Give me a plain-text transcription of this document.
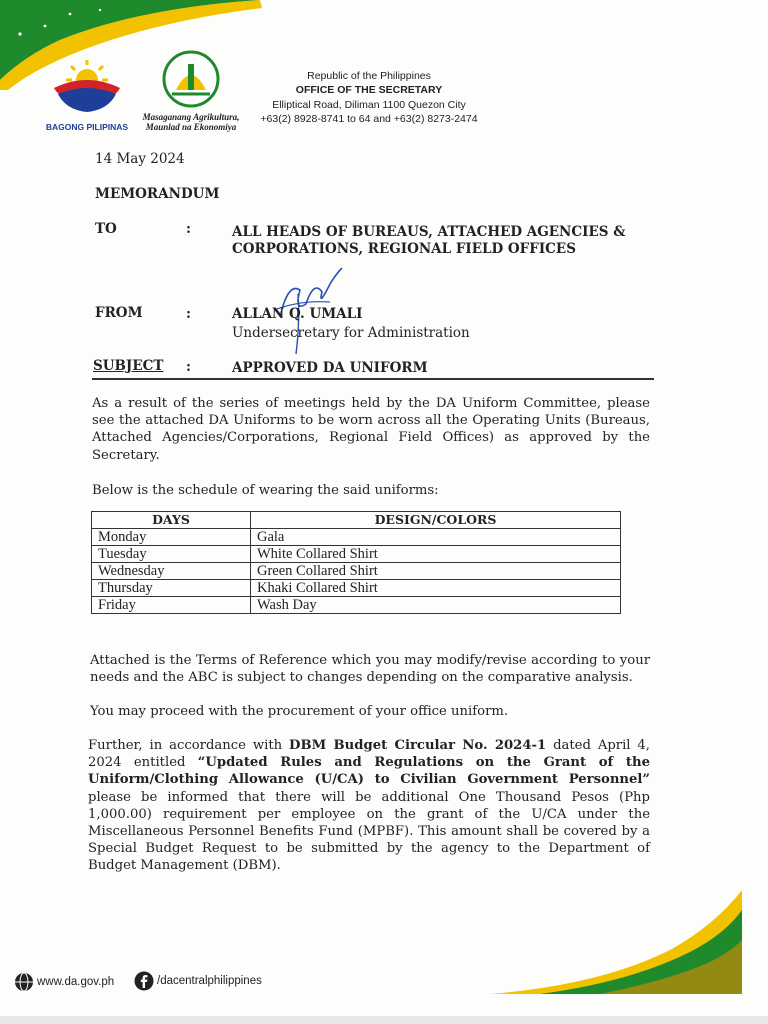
BAGONG PILIPINAS
Masaganang Agrikultura,
Maunlad na Ekonomiya
Republic of the Philippines
OFFICE OF THE SECRETARY
Elliptical Road, Diliman 1100 Quezon City
+63(2) 8928-8741 to 64 and +63(2) 8273-2474
14 May 2024
MEMORANDUM
TO	:	ALL HEADS OF BUREAUS, ATTACHED AGENCIES &
CORPORATIONS, REGIONAL FIELD OFFICES
FROM	:	ALLAN Q. UMALI
Undersecretary for Administration
SUBJECT :	APPROVED DA UNIFORM
As a result of the series of meetings held by the DA Uniform Committee, please see the attached DA Uniforms to be worn across all the Operating Units (Bureaus, Attached Agencies/Corporations, Regional Field Offices) as approved by the Secretary.
Below is the schedule of wearing the said uniforms:
DAYS	DESIGN/COLORS
Monday	Gala
Tuesday	White Collared Shirt
Wednesday	Green Collared Shirt
Thursday	Khaki Collared Shirt
Friday	Wash Day
Attached is the Terms of Reference which you may modify/revise according to your needs and the ABC is subject to changes depending on the comparative analysis.
You may proceed with the procurement of your office uniform.
Further, in accordance with DBM Budget Circular No. 2024-1 dated April 4, 2024 entitled “Updated Rules and Regulations on the Grant of the Uniform/Clothing Allowance (U/CA) to Civilian Government Personnel” please be informed that there will be additional One Thousand Pesos (Php 1,000.00) requirement per employee on the grant of the U/CA under the Miscellaneous Personnel Benefits Fund (MPBF). This amount shall be covered by a Special Budget Request to be submitted by the agency to the Department of Budget Management (DBM).
www.da.gov.ph	/dacentralphilippines
